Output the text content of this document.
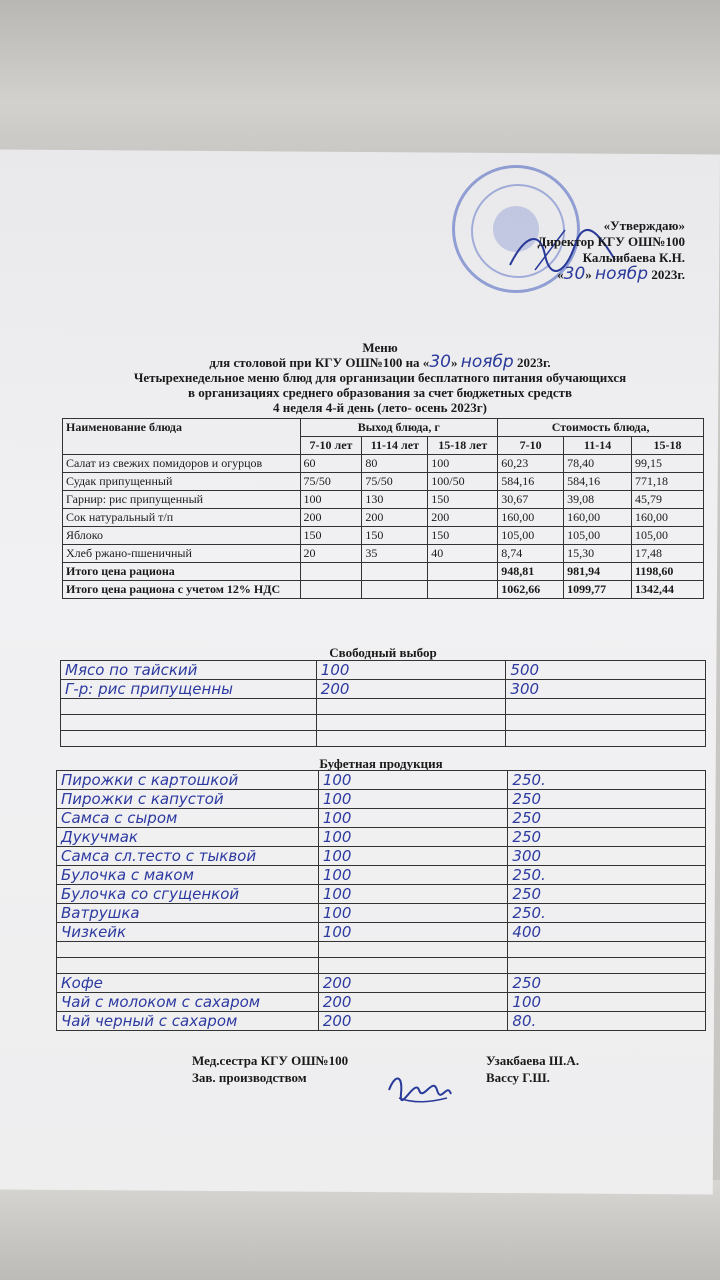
«Утверждаю»
Директор КГУ ОШ№100
Калыибаева К.Н.
«30» ноябр 2023г.
Меню
для столовой при КГУ ОШ№100 на «30» ноябр 2023г.
Четырехнедельное меню блюд для организации бесплатного питания обучающихся
в организациях среднего образования за счет бюджетных средств
4 неделя 4-й день (лето- осень 2023г)
Наименование блюда	Выход блюда, г			Стоимость блюда,		
	7-10 лет	11-14 лет	15-18 лет	7-10	11-14	15-18
Салат из свежих помидоров и огурцов	60	80	100	60,23	78,40	99,15
Судак припущенный	75/50	75/50	100/50	584,16	584,16	771,18
Гарнир: рис припущенный	100	130	150	30,67	39,08	45,79
Сок натуральный т/п	200	200	200	160,00	160,00	160,00
Яблоко	150	150	150	105,00	105,00	105,00
Хлеб ржано-пшеничный	20	35	40	8,74	15,30	17,48
Итого цена рациона				948,81	981,94	1198,60
Итого цена рациона с учетом 12% НДС				1062,66	1099,77	1342,44
Свободный выбор
Мясо по тайский	100	500
Г-р: рис припущенны	200	300

Буфетная продукция
Пирожки с картошкой	100	250.
Пирожки с капустой	100	250
Самса с сыром	100	250
Дукучмак	100	250
Самса сл.тесто с тыквой	100	300
Булочка с маком	100	250.
Булочка со сгущенкой	100	250
Ватрушка	100	250.
Чизкейк	100	400

Кофе	200	250
Чай с молоком с сахаром	200	100
Чай черный с сахаром	200	80.
Мед.сестра КГУ ОШ№100
Зав. производством
Узакбаева Ш.А.
Вассу Г.Ш.
